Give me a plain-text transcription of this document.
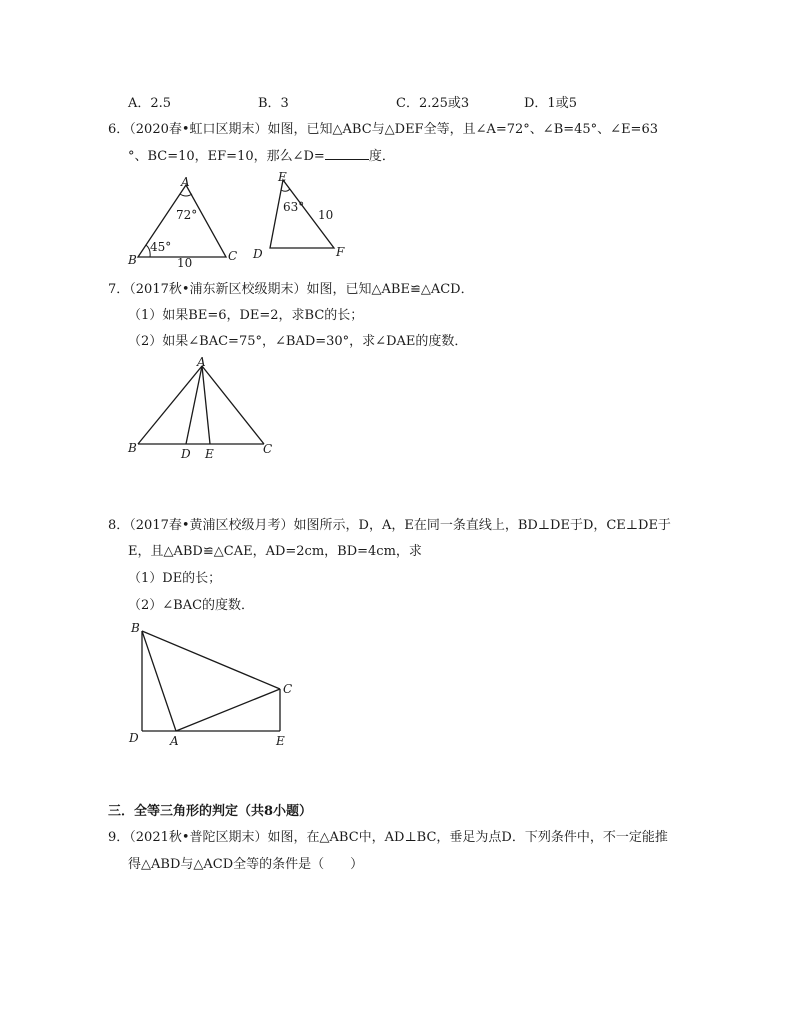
A．2.5	B．3	C．2.25或3	D．1或5
6．（2020春•虹口区期末）如图，已知△ABC与△DEF全等，且∠A=72°、∠B=45°、∠E=63
°、BC=10，EF=10，那么∠D=	度．
A
B	C
72°
45°
10
E
D	F
63°
10
7．（2017秋•浦东新区校级期末）如图，已知△ABE≌△ACD．
（1）如果BE=6，DE=2，求BC的长；
（2）如果∠BAC=75°，∠BAD=30°，求∠DAE的度数．
A
B	D E	C
8．（2017春•黄浦区校级月考）如图所示，D，A，E在同一条直线上，BD⊥DE于D，CE⊥DE于
E，且△ABD≌△CAE，AD=2cm，BD=4cm，求
（1）DE的长；
（2）∠BAC的度数．
B
C
D	A	E
三．全等三角形的判定（共8小题）
9．（2021秋•普陀区期末）如图，在△ABC中，AD⊥BC，垂足为点D．下列条件中，不一定能推
得△ABD与△ACD全等的条件是（　　）
